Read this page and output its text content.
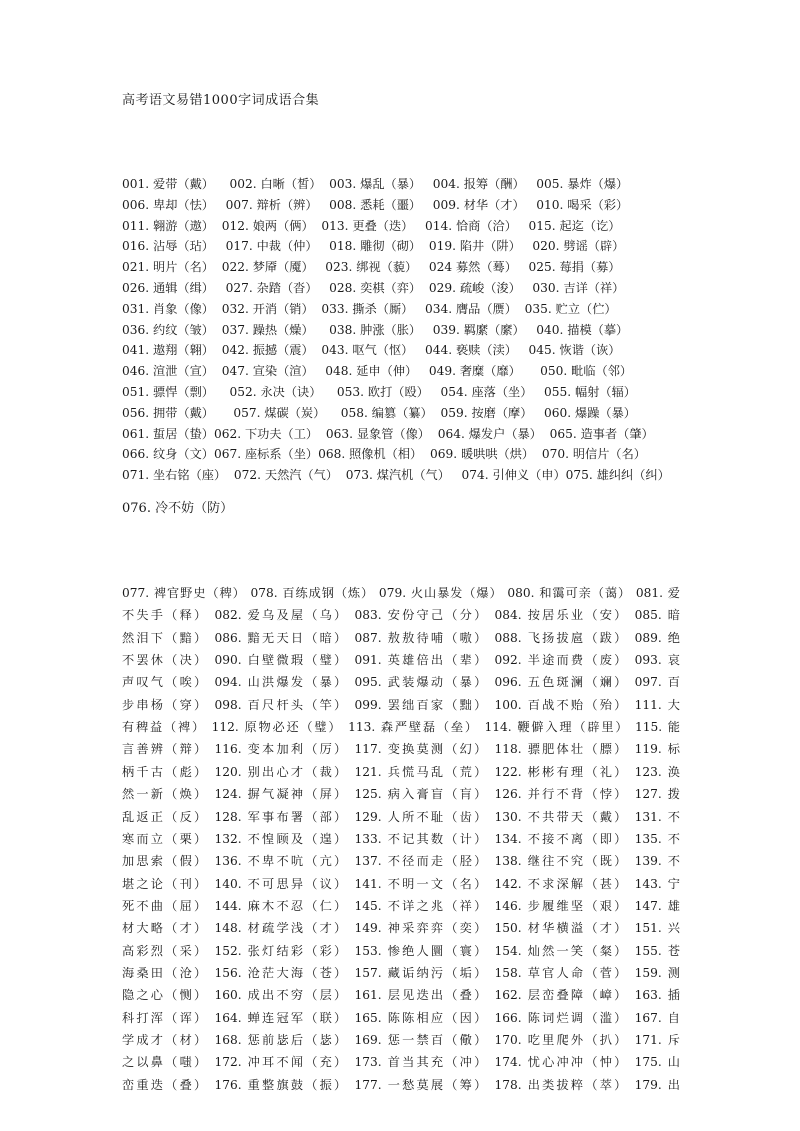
高考语文易错1000字词成语合集
001. 爱带（戴）    002. 白晰（皙）  003. 爆乱（暴）   004. 报筹（酬）   005. 暴炸（爆）
006. 卑却（怯）   007. 辩析（辨）   008. 悉耗（噩）   009. 材华（才）   010. 喝采（彩）
011. 翱游（遨）  012. 娘两（俩）  013. 更叠（迭）   014. 恰商（洽）   015. 起迄（讫）
016. 沾辱（玷）   017. 中裁（仲）   018. 雕彻（砌）  019. 陷井（阱）   020. 劈谣（辟）
021. 明片（名）  022. 梦厣（魇）   023. 绑视（藐）   024 募然（蓦）   025. 莓捐（募）
026. 通辑（缉）   027. 杂踏（沓）   028. 奕棋（弈）  029. 疏峻（浚）   030. 吉详（祥）
031. 肖象（像）  032. 开消（销）  033. 撕杀（厮）   034. 膺品（赝）  035. 贮立（伫）
036. 约纹（皱）  037. 躁热（燥）    038. 肿涨（胀）   039. 羁縻（縻）   040. 描模（摹）
041. 遨翔（翱）  042. 振撼（震）  043. 呕气（怄）   044. 亵赎（渎）   045. 恢谐（诙）
046. 渲泄（宣）  047. 宣染（渲）   048. 延申（伸）   049. 奢糜（靡）     050. 毗临（邻）
051. 骠悍（剽）    052. 永决（诀）    053. 欧打（殴）   054. 座落（坐）   055. 幅射（辐）
056. 拥带（戴）     057. 煤碳（炭）    058. 编篡（纂）  059. 按磨（摩）   060. 爆躁（暴）
061. 蜇居（蛰）062. 下功夫（工）  063. 显象管（像）  064. 爆发户（暴）  065. 造事者（肇）
066. 纹身（文）067. 座标系（坐）068. 照像机（相）  069. 暖哄哄（烘）  070. 明信片（名）
071. 坐右铭（座）  072. 天然汽（气）  073. 煤汽机（气）   074. 引伸义（申）075. 雄纠纠（纠）
076. 冷不妨（防）
077. 裨官野史（稗） 078. 百练成钢（炼） 079. 火山暴发（爆） 080. 和霭可亲（蔼） 081. 爱
不失手（释） 082. 爱乌及屋（乌） 083. 安份守己（分） 084. 按居乐业（安） 085. 暗
然泪下（黯） 086. 黯无天日（暗） 087. 敖敖待哺（嗷） 088. 飞扬拔扈（跋） 089. 绝
不罢休（决） 090. 白壁微瑕（璧） 091. 英雄倍出（辈） 092. 半途而费（废） 093. 哀
声叹气（唉） 094. 山洪爆发（暴） 095. 武装爆动（暴） 096. 五色斑澜（斓） 097. 百
步串杨（穿） 098. 百尺杆头（竿） 099. 罢绌百家（黜） 100. 百战不贻（殆） 111. 大
有稗益（裨） 112. 原物必还（璧） 113. 森严壁磊（垒） 114. 鞭僻入理（辟里） 115. 能
言善辨（辩） 116. 变本加利（厉） 117. 变换莫测（幻） 118. 骠肥体壮（膘） 119. 标
柄千古（彪） 120. 别出心才（裁） 121. 兵慌马乱（荒） 122. 彬彬有理（礼） 123. 涣
然一新（焕） 124. 摒气凝神（屏） 125. 病入膏盲（肓） 126. 并行不背（悖） 127. 拨
乱返正（反） 128. 军事布署（部） 129. 人所不耻（齿） 130. 不共带天（戴） 131. 不
寒而立（栗） 132. 不惶顾及（遑） 133. 不记其数（计） 134. 不接不离（即） 135. 不
加思索（假） 136. 不卑不吭（亢） 137. 不径而走（胫） 138. 继往不究（既） 139. 不
堪之论（刊） 140. 不可思异（议） 141. 不明一文（名） 142. 不求深解（甚） 143. 宁
死不曲（屈） 144. 麻木不忍（仁） 145. 不详之兆（祥） 146. 步履维坚（艰） 147. 雄
材大略（才） 148. 材疏学浅（才） 149. 神采弈弈（奕） 150. 材华横溢（才） 151. 兴
高彩烈（采） 152. 张灯结彩（彩） 153. 惨绝人圜（寰） 154. 灿然一笑（粲） 155. 苍
海桑田（沧） 156. 沧茫大海（苍） 157. 藏诟纳污（垢） 158. 草官人命（菅） 159. 测
隐之心（恻） 160. 成出不穷（层） 161. 层见迭出（叠） 162. 层峦叠障（嶂） 163. 插
科打浑（诨） 164. 蝉连冠军（联） 165. 陈陈相应（因） 166. 陈词烂调（滥） 167. 自
学成才（材） 168. 惩前毖后（毖） 169. 惩一禁百（儆） 170. 吃里爬外（扒） 171. 斥
之以鼻（嗤） 172. 冲耳不闻（充） 173. 首当其充（冲） 174. 忧心冲冲（忡） 175. 山
峦重迭（叠） 176. 重整旗鼓（振） 177. 一愁莫展（筹） 178. 出类拔粹（萃） 179. 出
